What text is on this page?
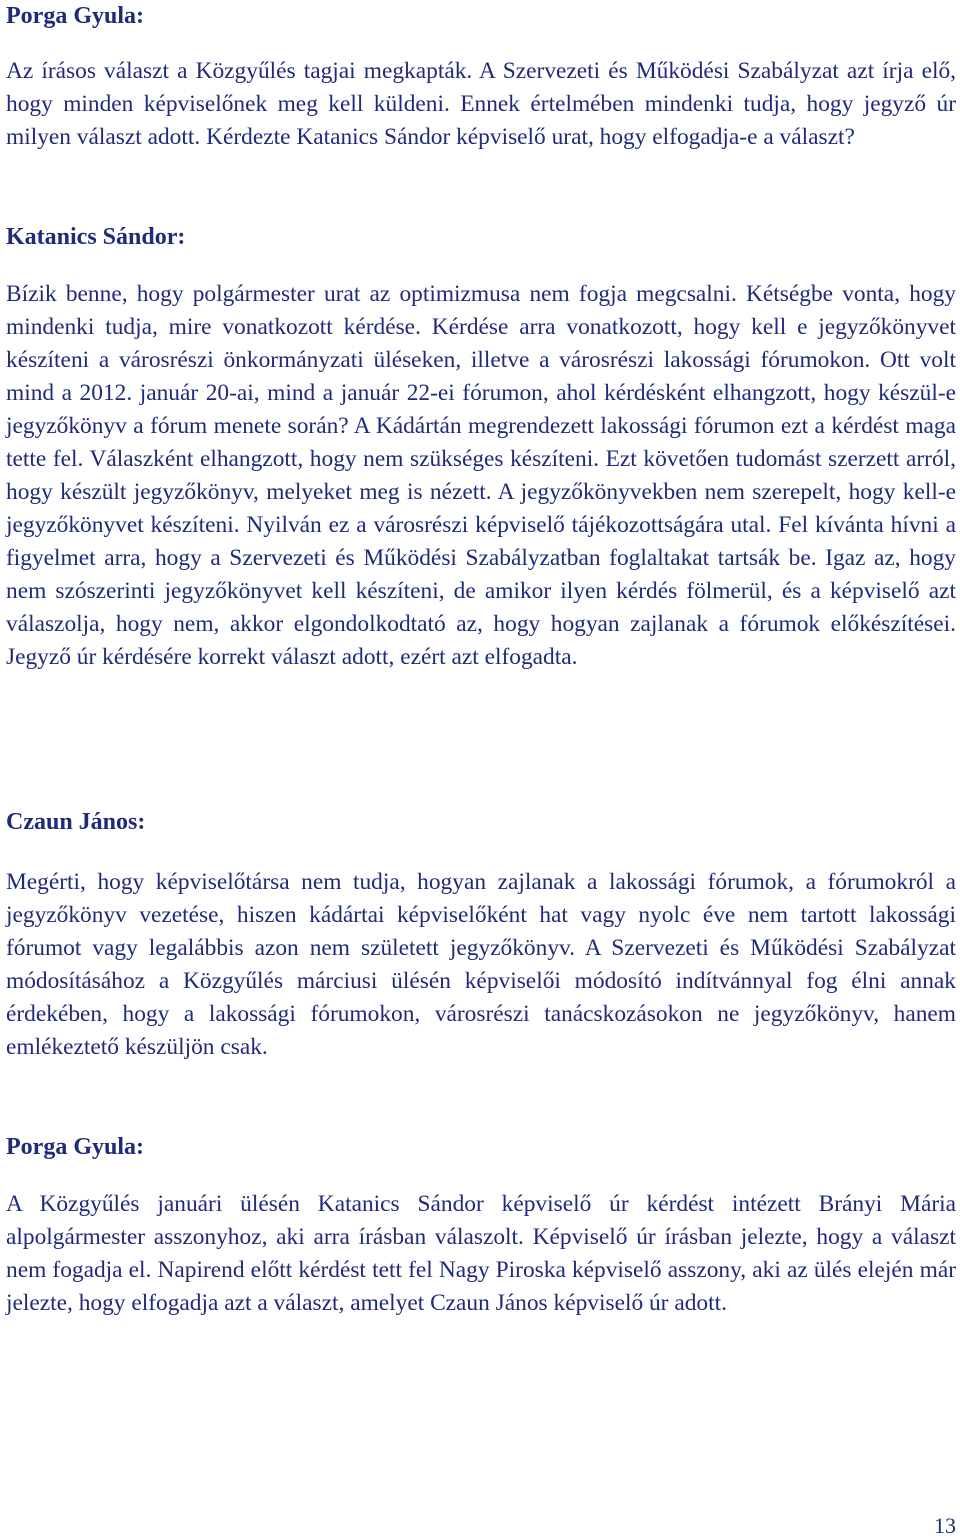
Porga Gyula:

Az írásos választ a Közgyűlés tagjai megkapták. A Szervezeti és Működési Szabályzat azt írja elő, hogy minden képviselőnek meg kell küldeni. Ennek értelmében mindenki tudja, hogy jegyző úr milyen választ adott. Kérdezte Katanics Sándor képviselő urat, hogy elfogadja-e a választ?

Katanics Sándor:

Bízik benne, hogy polgármester urat az optimizmusa nem fogja megcsalni. Kétségbe vonta, hogy mindenki tudja, mire vonatkozott kérdése. Kérdése arra vonatkozott, hogy kell e jegyzőkönyvet készíteni a városrészi önkormányzati üléseken, illetve a városrészi lakossági fórumokon. Ott volt mind a 2012. január 20-ai, mind a január 22-ei fórumon, ahol kérdésként elhangzott, hogy készül-e jegyzőkönyv a fórum menete során? A Kádártán megrendezett lakossági fórumon ezt a kérdést maga tette fel. Válaszként elhangzott, hogy nem szükséges készíteni. Ezt követően tudomást szerzett arról, hogy készült jegyzőkönyv, melyeket meg is nézett. A jegyzőkönyvekben nem szerepelt, hogy kell-e jegyzőkönyvet készíteni. Nyilván ez a városrészi képviselő tájékozottságára utal. Fel kívánta hívni a figyelmet arra, hogy a Szervezeti és Működési Szabályzatban foglaltakat tartsák be. Igaz az, hogy nem szószerinti jegyzőkönyvet kell készíteni, de amikor ilyen kérdés fölmerül, és a képviselő azt válaszolja, hogy nem, akkor elgondolkodtató az, hogy hogyan zajlanak a fórumok előkészítései. Jegyző úr kérdésére korrekt választ adott, ezért azt elfogadta.

Czaun János:

Megérti, hogy képviselőtársa nem tudja, hogyan zajlanak a lakossági fórumok, a fórumokról a jegyzőkönyv vezetése, hiszen kádártai képviselőként hat vagy nyolc éve nem tartott lakossági fórumot vagy legalábbis azon nem született jegyzőkönyv. A Szervezeti és Működési Szabályzat módosításához a Közgyűlés márciusi ülésén képviselői módosító indítvánnyal fog élni annak érdekében, hogy a lakossági fórumokon, városrészi tanácskozásokon ne jegyzőkönyv, hanem emlékeztető készüljön csak.

Porga Gyula:

A Közgyűlés januári ülésén Katanics Sándor képviselő úr kérdést intézett Brányi Mária alpolgármester asszonyhoz, aki arra írásban válaszolt. Képviselő úr írásban jelezte, hogy a választ nem fogadja el. Napirend előtt kérdést tett fel Nagy Piroska képviselő asszony, aki az ülés elején már jelezte, hogy elfogadja azt a választ, amelyet Czaun János képviselő úr adott.

13
